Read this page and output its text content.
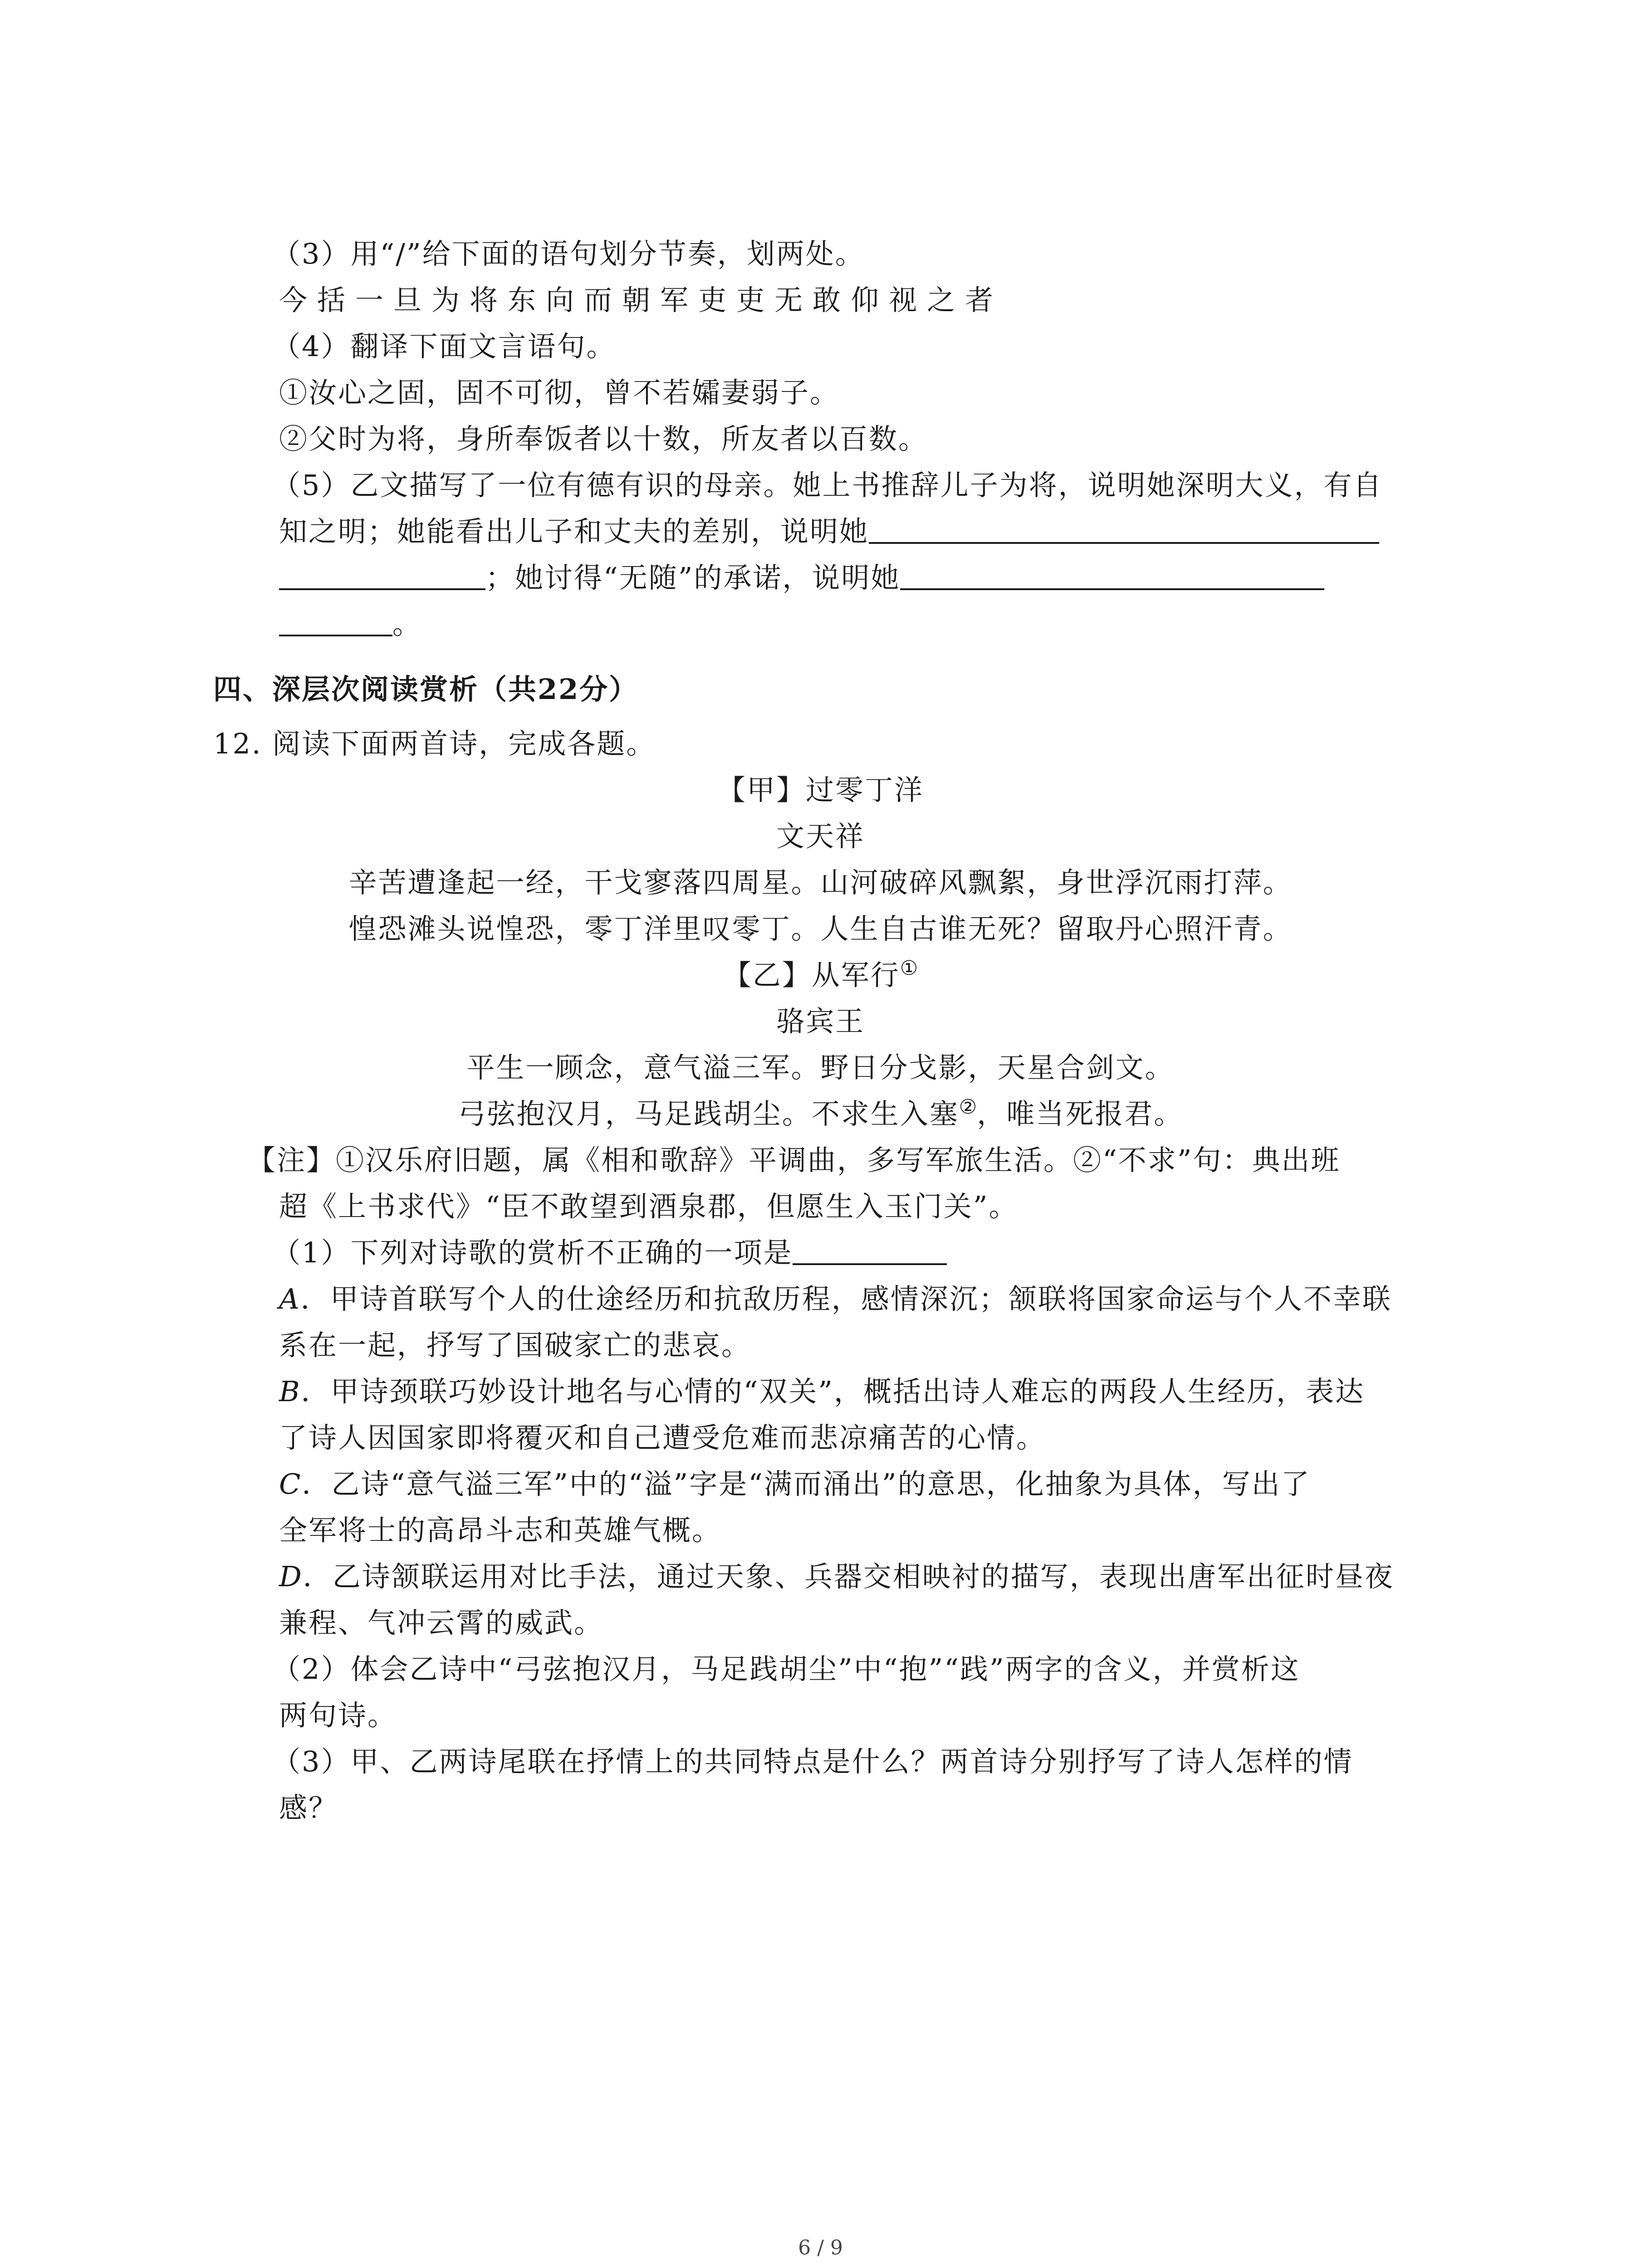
（3）用“/”给下面的语句划分节奏，划两处。
今括一旦为将东向而朝军吏吏无敢仰视之者
（4）翻译下面文言语句。
①汝心之固，固不可彻，曾不若孀妻弱子。
②父时为将，身所奉饭者以十数，所友者以百数。
（5）乙文描写了一位有德有识的母亲。她上书推辞儿子为将，说明她深明大义，有自
知之明；她能看出儿子和丈夫的差别，说明她
；她讨得“无随”的承诺，说明她
。
四、深层次阅读赏析（共22分）
12. 阅读下面两首诗，完成各题。
【甲】过零丁洋
文天祥
辛苦遭逢起一经，干戈寥落四周星。山河破碎风飘絮，身世浮沉雨打萍。
惶恐滩头说惶恐，零丁洋里叹零丁。人生自古谁无死？留取丹心照汗青。
【乙】从军行①
骆宾王
平生一顾念，意气溢三军。野日分戈影，天星合剑文。
弓弦抱汉月，马足践胡尘。不求生入塞②，唯当死报君。
【注】①汉乐府旧题，属《相和歌辞》平调曲，多写军旅生活。②“不求”句：典出班
超《上书求代》“臣不敢望到酒泉郡，但愿生入玉门关”。
（1）下列对诗歌的赏析不正确的一项是
A．甲诗首联写个人的仕途经历和抗敌历程，感情深沉；颔联将国家命运与个人不幸联
系在一起，抒写了国破家亡的悲哀。
B．甲诗颈联巧妙设计地名与心情的“双关”，概括出诗人难忘的两段人生经历，表达
了诗人因国家即将覆灭和自己遭受危难而悲凉痛苦的心情。
C．乙诗“意气溢三军”中的“溢”字是“满而涌出”的意思，化抽象为具体，写出了
全军将士的高昂斗志和英雄气概。
D．乙诗颔联运用对比手法，通过天象、兵器交相映衬的描写，表现出唐军出征时昼夜
兼程、气冲云霄的威武。
（2）体会乙诗中“弓弦抱汉月，马足践胡尘”中“抱”“践”两字的含义，并赏析这
两句诗。
（3）甲、乙两诗尾联在抒情上的共同特点是什么？两首诗分别抒写了诗人怎样的情
感？
6 / 9
